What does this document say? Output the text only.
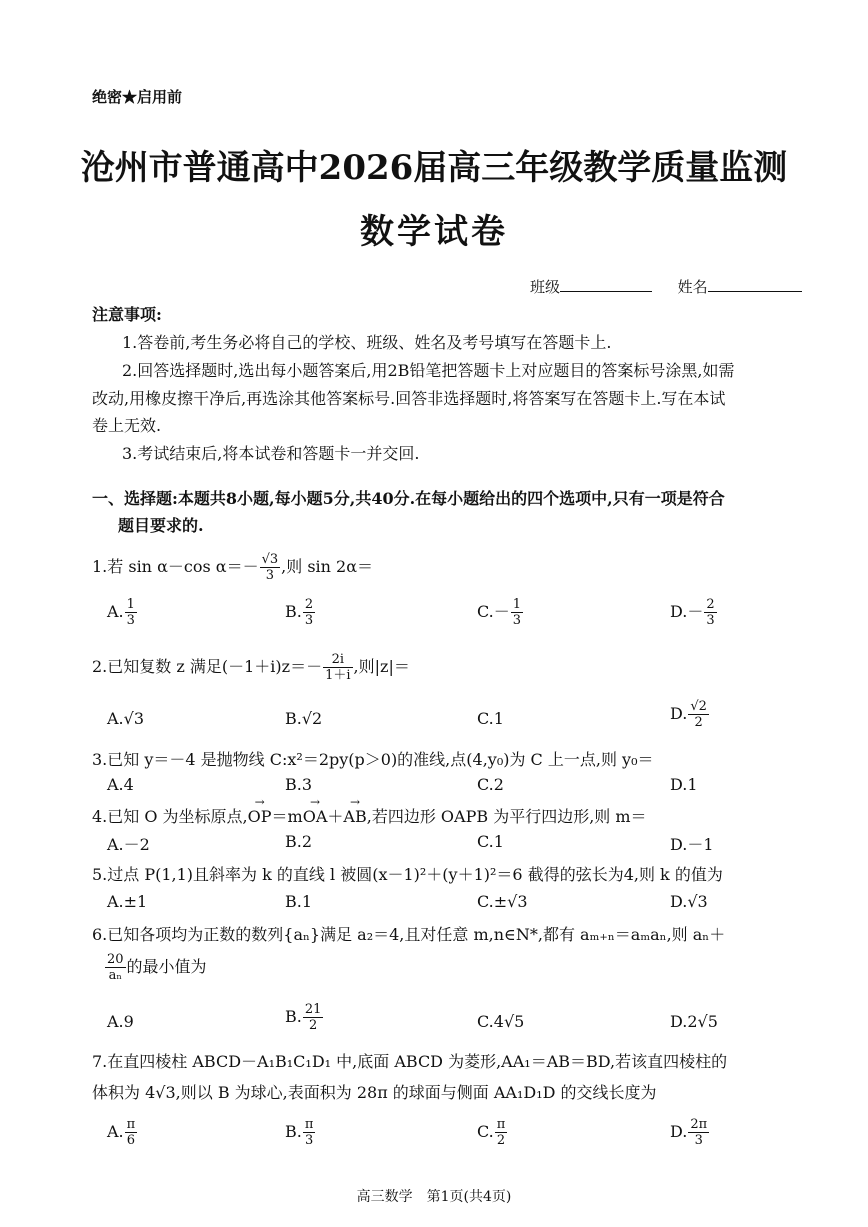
绝密★启用前
沧州市普通高中2026届高三年级教学质量监测
数学试卷
班级	姓名
注意事项:
1.答卷前,考生务必将自己的学校、班级、姓名及考号填写在答题卡上.
2.回答选择题时,选出每小题答案后,用2B铅笔把答题卡上对应题目的答案标号涂黑,如需
改动,用橡皮擦干净后,再选涂其他答案标号.回答非选择题时,将答案写在答题卡上.写在本试
卷上无效.
3.考试结束后,将本试卷和答题卡一并交回.
一、选择题:本题共8小题,每小题5分,共40分.在每小题给出的四个选项中,只有一项是符合
题目要求的.
1.若 sin α－cos $\alpha=- \frac{√3}{3}$ ,则 sin 2α＝
A. $\frac{1}{3}$	B. $\frac{2}{3}$	$C.- \frac{1}{3}$	$D.- \frac{2}{3}$
2.已知复数 z 满足$(-1+i)z=- \frac{2i}{1+i}$ ,则|z|＝
A.√3	B.√2	C.1	D. $\frac{√2}{2}$
3.已知 y＝－4 是抛物线 C:x²＝2py(p＞0)的准线,点(4,y₀)为 C 上一点,则 y₀＝
A.4	B.3	C.2	D.1
4.已知 O 为坐标原点,→ OP＝m→ OA＋→ AB,若四边形 OAPB 为平行四边形,则 m＝
A.－2	B.2	C.1	D.－1
5.过点 P(1,1)且斜率为 k 的直线 l 被圆(x－1)²＋(y＋1)²＝6 截得的弦长为4,则 k 的值为
A.±1	B.1	C.±√3	D.√3
6.已知各项均为正数的数列{aₙ}满足 a₂＝4,且对任意 m,n∈N*,都有 aₘ₊ₙ＝aₘaₙ,则 aₙ＋
$\frac{20}{\text{aₙ}}$ 的最小值为
A.9	B. $\frac{21}{2}$	C.4√5	D.2√5
7.在直四棱柱 ABCD－A₁B₁C₁D₁ 中,底面 ABCD 为菱形,AA₁＝AB＝BD,若该直四棱柱的
体积为 4√3,则以 B 为球心,表面积为 28π 的球面与侧面 AA₁D₁D 的交线长度为
A. $\frac{\pi}{6}$	B. $\frac{\pi}{3}$	C. $\frac{\pi}{2}$	D. $\frac{2\pi}{3}$
高三数学　第1页(共4页)
